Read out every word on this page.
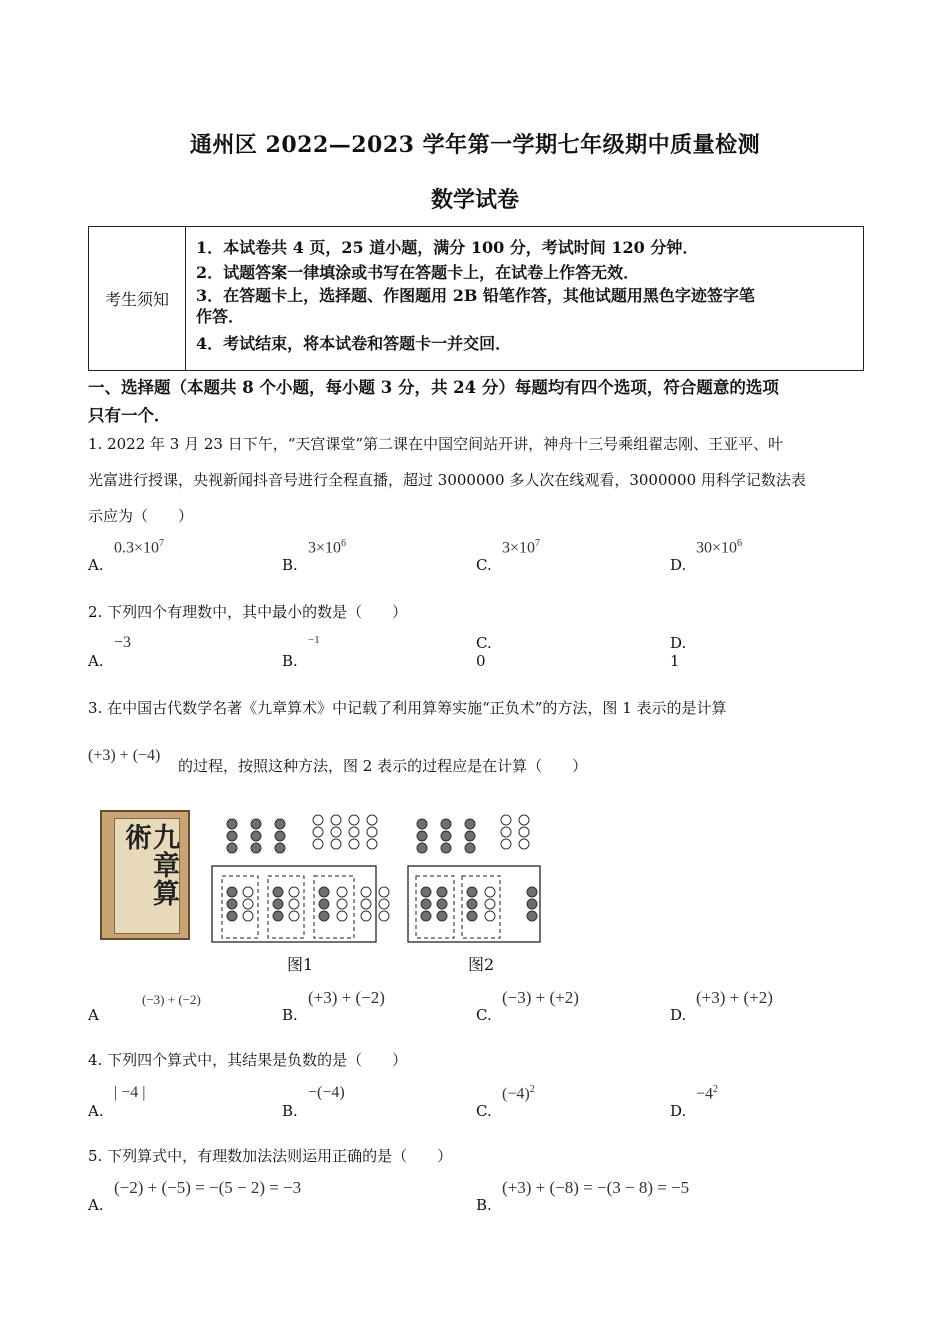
通州区 2022—2023 学年第一学期七年级期中质量检测
数学试卷
考生须知
1．本试卷共 4 页，25 道小题，满分 100 分，考试时间 120 分钟．
2．试题答案一律填涂或书写在答题卡上，在试卷上作答无效．
3．在答题卡上，选择题、作图题用 2B 铅笔作答，其他试题用黑色字迹签字笔
作答．
4．考试结束，将本试卷和答题卡一并交回．
一、选择题（本题共 8 个小题，每小题 3 分，共 24 分）每题均有四个选项，符合题意的选项
只有一个．
1. 2022 年 3 月 23 日下午，“天宫课堂”第二课在中国空间站开讲，神舟十三号乘组翟志刚、王亚平、叶
光富进行授课，央视新闻抖音号进行全程直播，超过 3000000 多人次在线观看，3000000 用科学记数法表
示应为（　　）
A.
$0.3\times 10^7$
B.
$3\times 10^6$
C.
$3\times 10^7$
D.
$30\times 10^6$
2. 下列四个有理数中，其中最小的数是（　　）
A.
−3
B.
−1	C. 0
D. 1
3. 在中国古代数学名著《九章算术》中记载了利用算筹实施“正负术”的方法，图 1 表示的是计算
(+3) + (−4)
的过程，按照这种方法，图 2 表示的过程应是在计算（　　）
九章算術
图1	图2
A
(−3) + (−2)
B.
(+3) + (−2)
C.
(−3) + (+2)
D.
(+3) + (+2)
4. 下列四个算式中，其结果是负数的是（　　）
A.
| −4 |
B.
−(−4)
C.
$(-4)^2$
D.
$-4^2$
5. 下列算式中，有理数加法法则运用正确的是（　　）
A.
(−2) + (−5) = −(5 − 2) = −3
B.
(+3) + (−8) = −(3 − 8) = −5
